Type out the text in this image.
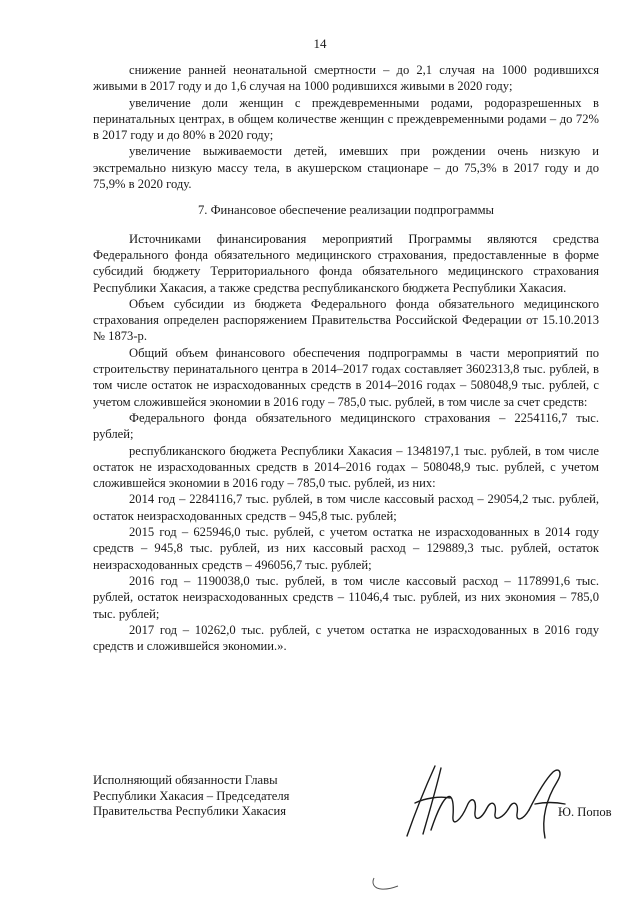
14

снижение ранней неонатальной смертности – до 2,1 случая на 1000 родившихся живыми в 2017 году и до 1,6 случая на 1000 родившихся живыми в 2020 году;

увеличение доли женщин с преждевременными родами, родоразрешенных в перинатальных центрах, в общем количестве женщин с преждевременными родами – до 72% в 2017 году и до 80% в 2020 году;

увеличение выживаемости детей, имевших при рождении очень низкую и экстремально низкую массу тела, в акушерском стационаре – до 75,3% в 2017 году и до 75,9% в 2020 году.

7. Финансовое обеспечение реализации подпрограммы

Источниками финансирования мероприятий Программы являются средства Федерального фонда обязательного медицинского страхования, предоставленные в форме субсидий бюджету Территориального фонда обязательного медицинского страхования Республики Хакасия, а также средства республиканского бюджета Республики Хакасия.

Объем субсидии из бюджета Федерального фонда обязательного медицинского страхования определен распоряжением Правительства Российской Федерации от 15.10.2013 № 1873-р.

Общий объем финансового обеспечения подпрограммы в части мероприятий по строительству перинатального центра в 2014–2017 годах составляет 3602313,8 тыс. рублей, в том числе остаток не израсходованных средств в 2014–2016 годах – 508048,9 тыс. рублей, с учетом сложившейся экономии в 2016 году – 785,0 тыс. рублей, в том числе за счет средств:

Федерального фонда обязательного медицинского страхования – 2254116,7 тыс. рублей;

республиканского бюджета Республики Хакасия – 1348197,1 тыс. рублей, в том числе остаток не израсходованных средств в 2014–2016 годах – 508048,9 тыс. рублей, с учетом сложившейся экономии в 2016 году – 785,0 тыс. рублей, из них:

2014 год – 2284116,7 тыс. рублей, в том числе кассовый расход – 29054,2 тыс. рублей, остаток неизрасходованных средств – 945,8 тыс. рублей;

2015 год – 625946,0 тыс. рублей, с учетом остатка не израсходованных в 2014 году средств – 945,8 тыс. рублей, из них кассовый расход – 129889,3 тыс. рублей, остаток неизрасходованных средств – 496056,7 тыс. рублей;

2016 год – 1190038,0 тыс. рублей, в том числе кассовый расход – 1178991,6 тыс. рублей, остаток неизрасходованных средств – 11046,4 тыс. рублей, из них экономия – 785,0 тыс. рублей;

2017 год – 10262,0 тыс. рублей, с учетом остатка не израсходованных в 2016 году средств и сложившейся экономии.».

Исполняющий обязанности Главы
Республики Хакасия – Председателя
Правительства Республики Хакасия	Ю. Попов
